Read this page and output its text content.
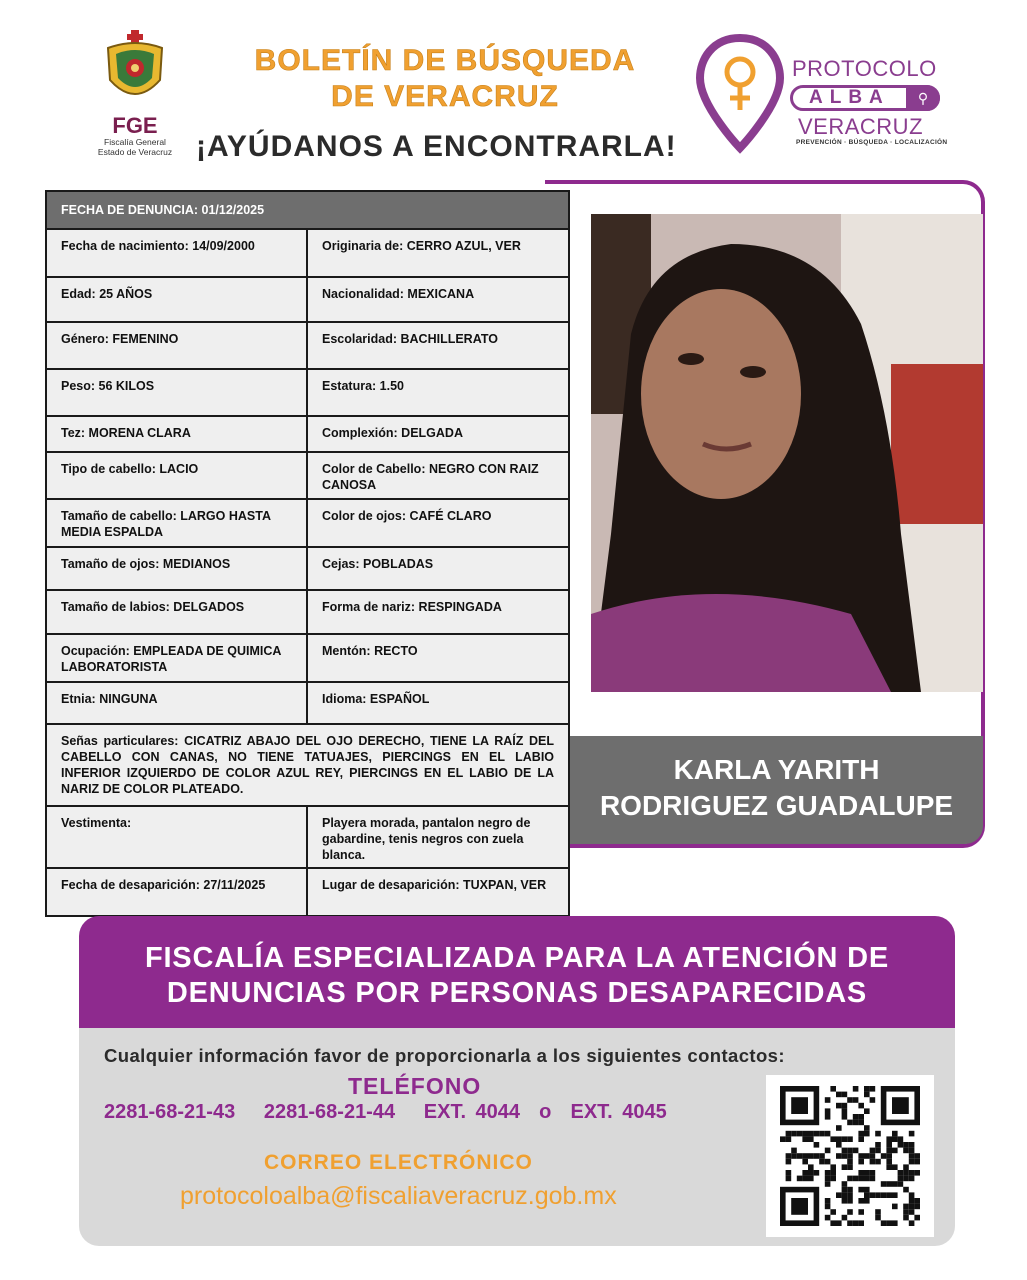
FGE
Fiscalía General
Estado de Veracruz
BOLETÍN DE BÚSQUEDA
DE VERACRUZ
¡AYÚDANOS A ENCONTRARLA!
PROTOCOLO
ALBA	⚲
VERACRUZ
PREVENCIÓN · BÚSQUEDA · LOCALIZACIÓN
KARLA YARITH
RODRIGUEZ GUADALUPE
FECHA DE DENUNCIA: 01/12/2025	
Fecha de nacimiento: 14/09/2000	Originaria de: CERRO AZUL, VER
Edad: 25 AÑOS	Nacionalidad: MEXICANA
Género: FEMENINO	Escolaridad: BACHILLERATO
Peso: 56 KILOS	Estatura: 1.50
Tez: MORENA CLARA	Complexión: DELGADA
Tipo de cabello: LACIO	Color de Cabello: NEGRO CON RAIZ CANOSA
Tamaño de cabello: LARGO HASTA MEDIA ESPALDA	Color de ojos: CAFÉ CLARO
Tamaño de ojos: MEDIANOS	Cejas: POBLADAS
Tamaño de labios: DELGADOS	Forma de nariz: RESPINGADA
Ocupación: EMPLEADA DE QUIMICA LABORATORISTA	Mentón: RECTO
Etnia: NINGUNA	Idioma: ESPAÑOL
Señas particulares: CICATRIZ ABAJO DEL OJO DERECHO, TIENE LA RAÍZ DEL CABELLO CON CANAS, NO TIENE TATUAJES, PIERCINGS EN EL LABIO INFERIOR IZQUIERDO DE COLOR AZUL REY, PIERCINGS EN EL LABIO DE LA NARIZ DE COLOR PLATEADO.	
Vestimenta:	Playera morada, pantalon negro de gabardine, tenis negros con zuela blanca.
Fecha de desaparición: 27/11/2025	Lugar de desaparición: TUXPAN, VER
FISCALÍA ESPECIALIZADA PARA LA ATENCIÓN DE
DENUNCIAS POR PERSONAS DESAPARECIDAS
Cualquier información favor de proporcionarla a los siguientes contactos:
TELÉFONO
2281-68-21-43   2281-68-21-44   EXT. 4044  o  EXT. 4045
CORREO ELECTRÓNICO
protocoloalba@fiscaliaveracruz.gob.mx
